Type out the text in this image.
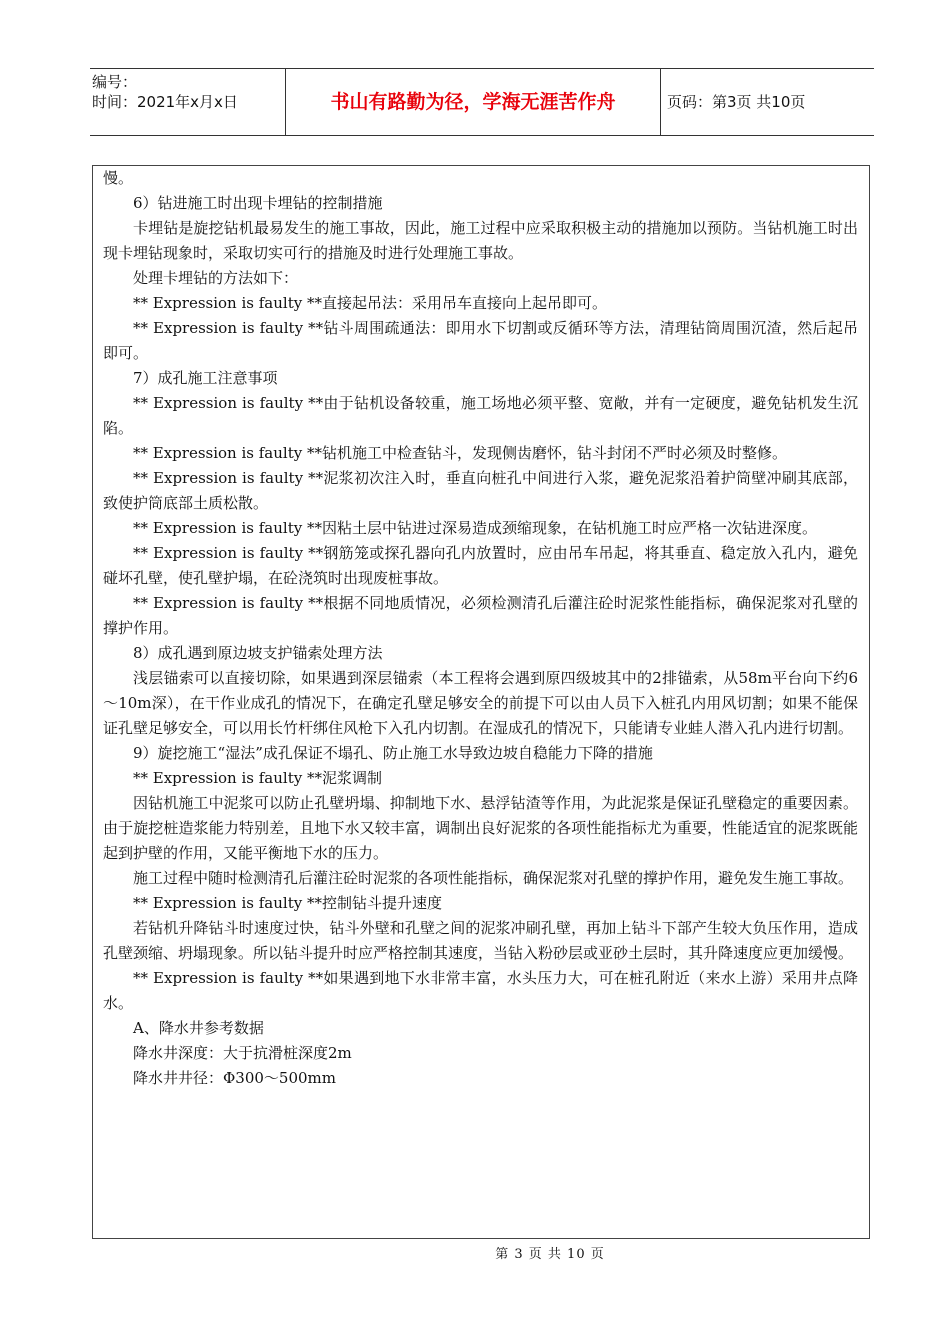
编号：
时间：2021年x月x日	书山有路勤为径，学海无涯苦作舟	页码：第3页 共10页

慢。

6）钻进施工时出现卡埋钻的控制措施

卡埋钻是旋挖钻机最易发生的施工事故，因此，施工过程中应采取积极主动的措施加以预防。当钻机施工时出现卡埋钻现象时，采取切实可行的措施及时进行处理施工事故。

处理卡埋钻的方法如下：

** Expression is faulty **直接起吊法：采用吊车直接向上起吊即可。

** Expression is faulty **钻斗周围疏通法：即用水下切割或反循环等方法，清理钻筒周围沉渣，然后起吊即可。

7）成孔施工注意事项

** Expression is faulty **由于钻机设备较重，施工场地必须平整、宽敞，并有一定硬度，避免钻机发生沉陷。

** Expression is faulty **钻机施工中检查钻斗，发现侧齿磨怀，钻斗封闭不严时必须及时整修。

** Expression is faulty **泥浆初次注入时，垂直向桩孔中间进行入浆，避免泥浆沿着护筒壁冲刷其底部，致使护筒底部土质松散。

** Expression is faulty **因粘土层中钻进过深易造成颈缩现象，在钻机施工时应严格一次钻进深度。

** Expression is faulty **钢筋笼或探孔器向孔内放置时，应由吊车吊起，将其垂直、稳定放入孔内，避免碰坏孔壁，使孔壁护塌，在砼浇筑时出现废桩事故。

** Expression is faulty **根据不同地质情况，必须检测清孔后灌注砼时泥浆性能指标，确保泥浆对孔壁的撑护作用。

8）成孔遇到原边坡支护锚索处理方法

浅层锚索可以直接切除，如果遇到深层锚索（本工程将会遇到原四级坡其中的2排锚索，从58m平台向下约6～10m深），在干作业成孔的情况下，在确定孔壁足够安全的前提下可以由人员下入桩孔内用风切割；如果不能保证孔壁足够安全，可以用长竹杆绑住风枪下入孔内切割。在湿成孔的情况下，只能请专业蛙人潜入孔内进行切割。

9）旋挖施工“湿法”成孔保证不塌孔、防止施工水导致边坡自稳能力下降的措施

** Expression is faulty **泥浆调制

因钻机施工中泥浆可以防止孔壁坍塌、抑制地下水、悬浮钻渣等作用，为此泥浆是保证孔壁稳定的重要因素。由于旋挖桩造浆能力特别差，且地下水又较丰富，调制出良好泥浆的各项性能指标尤为重要，性能适宜的泥浆既能起到护壁的作用，又能平衡地下水的压力。

施工过程中随时检测清孔后灌注砼时泥浆的各项性能指标，确保泥浆对孔壁的撑护作用，避免发生施工事故。

** Expression is faulty **控制钻斗提升速度

若钻机升降钻斗时速度过快，钻斗外壁和孔壁之间的泥浆冲刷孔壁，再加上钻斗下部产生较大负压作用，造成孔壁颈缩、坍塌现象。所以钻斗提升时应严格控制其速度，当钻入粉砂层或亚砂土层时，其升降速度应更加缓慢。

** Expression is faulty **如果遇到地下水非常丰富，水头压力大，可在桩孔附近（来水上游）采用井点降水。

A、降水井参考数据

降水井深度：大于抗滑桩深度2m

降水井井径：Φ300～500mm

第 3 页 共 10 页
